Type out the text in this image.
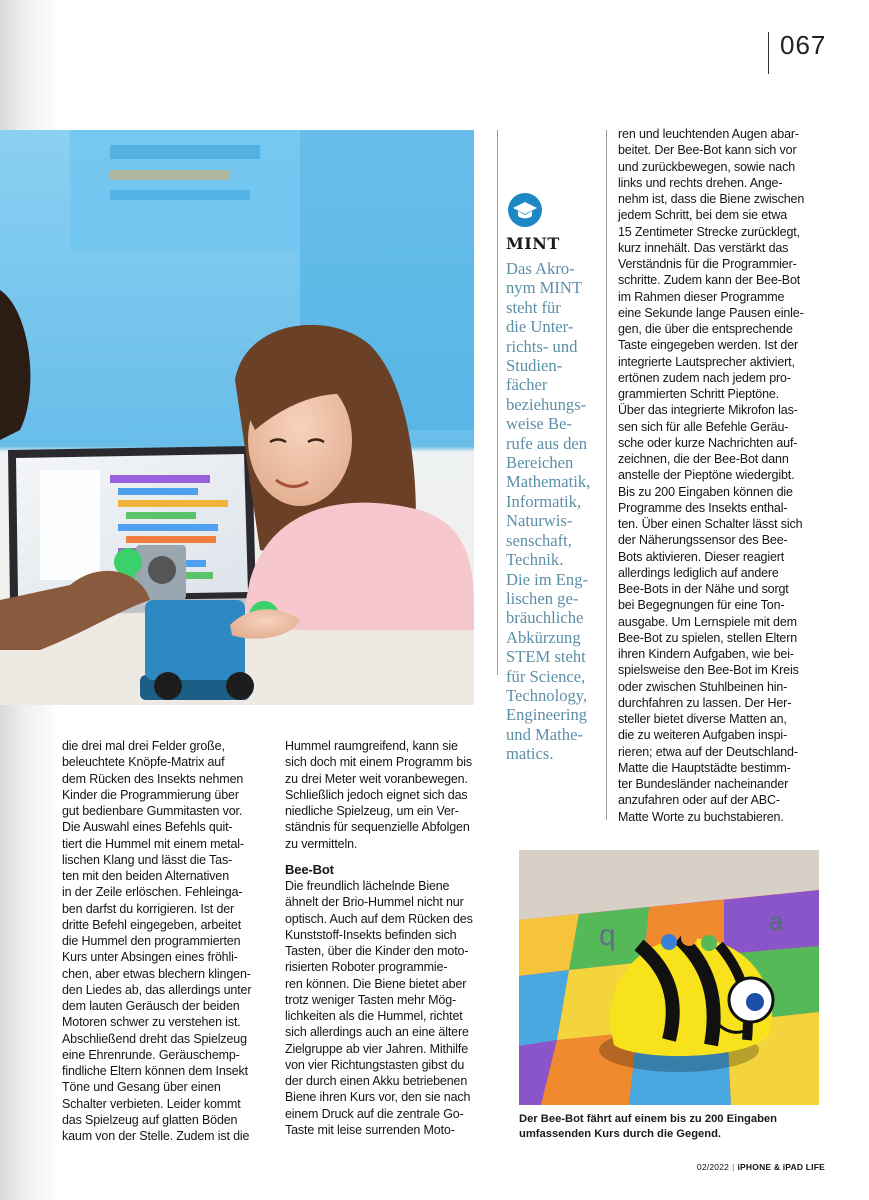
067
MINT
Das Akro-
nym MINT
steht für
die Unter-
richts- und
Studien-
fächer
beziehungs-
weise Be-
rufe aus den
Bereichen
Mathematik,
Informatik,
Naturwis-
senschaft,
Technik.
Die im Eng-
lischen ge-
bräuchliche
Abkürzung
STEM steht
für Science,
Technology,
Engineering
und Mathe-
matics.
die drei mal drei Felder große,
beleuchtete Knöpfe-Matrix auf
dem Rücken des Insekts nehmen
Kinder die Programmierung über
gut bedienbare Gummitasten vor.
Die Auswahl eines Befehls quit-
tiert die Hummel mit einem metal-
lischen Klang und lässt die Tas-
ten mit den beiden Alternativen
in der Zeile erlöschen. Fehleinga-
ben darfst du korrigieren. Ist der
dritte Befehl eingegeben, arbeitet
die Hummel den programmierten
Kurs unter Absingen eines fröhli-
chen, aber etwas blechern klingen-
den Liedes ab, das allerdings unter
dem lauten Geräusch der beiden
Motoren schwer zu verstehen ist.
Abschließend dreht das Spielzeug
eine Ehrenrunde. Geräuschemp-
findliche Eltern können dem Insekt
Töne und Gesang über einen
Schalter verbieten. Leider kommt
das Spielzeug auf glatten Böden
kaum von der Stelle. Zudem ist die
Hummel raumgreifend, kann sie
sich doch mit einem Programm bis
zu drei Meter weit voranbewegen.
Schließlich jedoch eignet sich das
niedliche Spielzeug, um ein Ver-
ständnis für sequenzielle Abfolgen
zu vermitteln.
Bee-Bot
Die freundlich lächelnde Biene
ähnelt der Brio-Hummel nicht nur
optisch. Auch auf dem Rücken des
Kunststoff-Insekts befinden sich
Tasten, über die Kinder den moto-
risierten Roboter programmie-
ren können. Die Biene bietet aber
trotz weniger Tasten mehr Mög-
lichkeiten als die Hummel, richtet
sich allerdings auch an eine ältere
Zielgruppe ab vier Jahren. Mithilfe
von vier Richtungstasten gibst du
der durch einen Akku betriebenen
Biene ihren Kurs vor, den sie nach
einem Druck auf die zentrale Go-
Taste mit leise surrenden Moto-
ren und leuchtenden Augen abar-
beitet. Der Bee-Bot kann sich vor
und zurückbewegen, sowie nach
links und rechts drehen. Ange-
nehm ist, dass die Biene zwischen
jedem Schritt, bei dem sie etwa
15 Zentimeter Strecke zurücklegt,
kurz innehält. Das verstärkt das
Verständnis für die Programmier-
schritte. Zudem kann der Bee-Bot
im Rahmen dieser Programme
eine Sekunde lange Pausen einle-
gen, die über die entsprechende
Taste eingegeben werden. Ist der
integrierte Lautsprecher aktiviert,
ertönen zudem nach jedem pro-
grammierten Schritt Pieptöne.
Über das integrierte Mikrofon las-
sen sich für alle Befehle Geräu-
sche oder kurze Nachrichten auf-
zeichnen, die der Bee-Bot dann
anstelle der Pieptöne wiedergibt.
Bis zu 200 Eingaben können die
Programme des Insekts enthal-
ten. Über einen Schalter lässt sich
der Näherungssensor des Bee-
Bots aktivieren. Dieser reagiert
allerdings lediglich auf andere
Bee-Bots in der Nähe und sorgt
bei Begegnungen für eine Ton-
ausgabe. Um Lernspiele mit dem
Bee-Bot zu spielen, stellen Eltern
ihren Kindern Aufgaben, wie bei-
spielsweise den Bee-Bot im Kreis
oder zwischen Stuhlbeinen hin-
durchfahren zu lassen. Der Her-
steller bietet diverse Matten an,
die zu weiteren Aufgaben inspi-
rieren; etwa auf der Deutschland-
Matte die Hauptstädte bestimm-
ter Bundesländer nacheinander
anzufahren oder auf der ABC-
Matte Worte zu buchstabieren.
q	a
Der Bee-Bot fährt auf einem bis zu 200 Eingaben
umfassenden Kurs durch die Gegend.
02/2022 | iPHONE & iPAD LIFE
